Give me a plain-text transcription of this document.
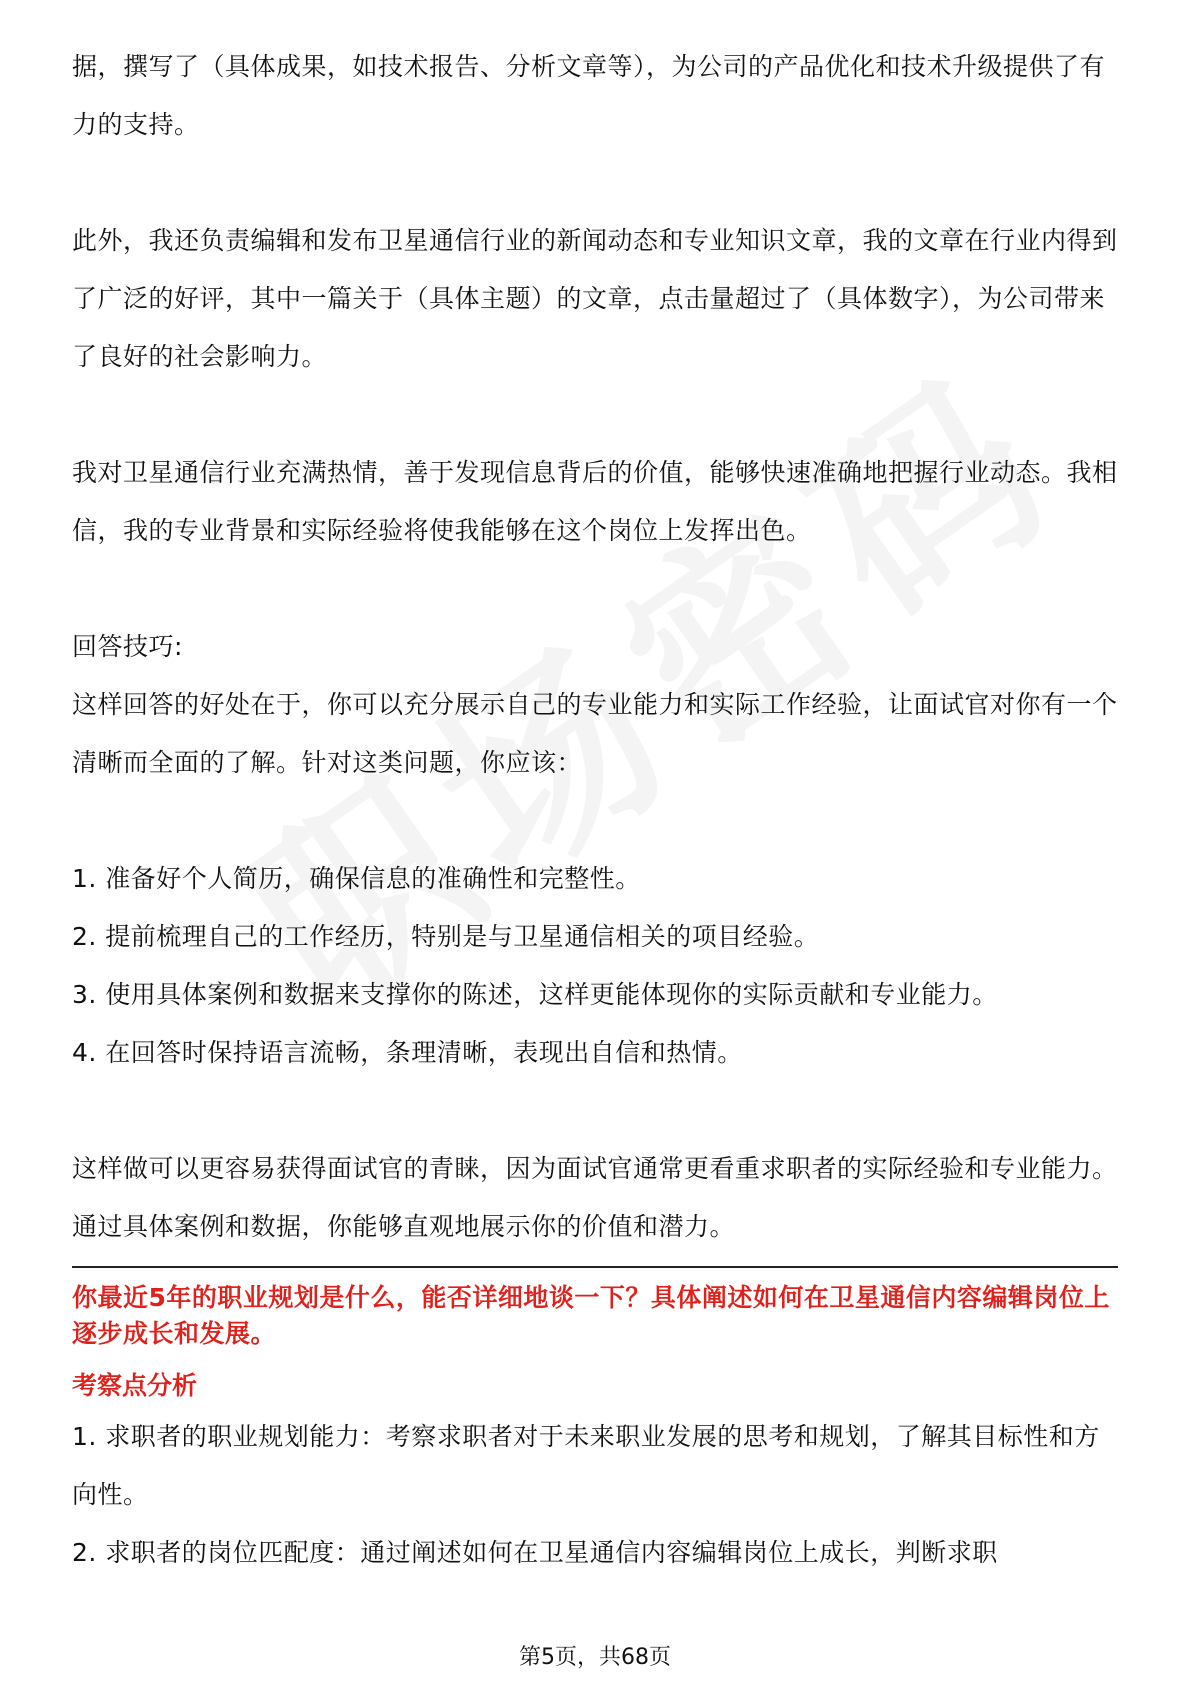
据，撰写了（具体成果，如技术报告、分析文章等），为公司的产品优化和技术升级提供了有力的支持。

此外，我还负责编辑和发布卫星通信行业的新闻动态和专业知识文章，我的文章在行业内得到了广泛的好评，其中一篇关于（具体主题）的文章，点击量超过了（具体数字），为公司带来了良好的社会影响力。

我对卫星通信行业充满热情，善于发现信息背后的价值，能够快速准确地把握行业动态。我相信，我的专业背景和实际经验将使我能够在这个岗位上发挥出色。

回答技巧:

这样回答的好处在于，你可以充分展示自己的专业能力和实际工作经验，让面试官对你有一个清晰而全面的了解。针对这类问题，你应该：

1. 准备好个人简历，确保信息的准确性和完整性。

2. 提前梳理自己的工作经历，特别是与卫星通信相关的项目经验。

3. 使用具体案例和数据来支撑你的陈述，这样更能体现你的实际贡献和专业能力。

4. 在回答时保持语言流畅，条理清晰，表现出自信和热情。

这样做可以更容易获得面试官的青睐，因为面试官通常更看重求职者的实际经验和专业能力。通过具体案例和数据，你能够直观地展示你的价值和潜力。

你最近5年的职业规划是什么，能否详细地谈一下？具体阐述如何在卫星通信内容编辑岗位上逐步成长和发展。

考察点分析

1. 求职者的职业规划能力：考察求职者对于未来职业发展的思考和规划，了解其目标性和方向性。

2. 求职者的岗位匹配度：通过阐述如何在卫星通信内容编辑岗位上成长，判断求职

第5页，共68页
